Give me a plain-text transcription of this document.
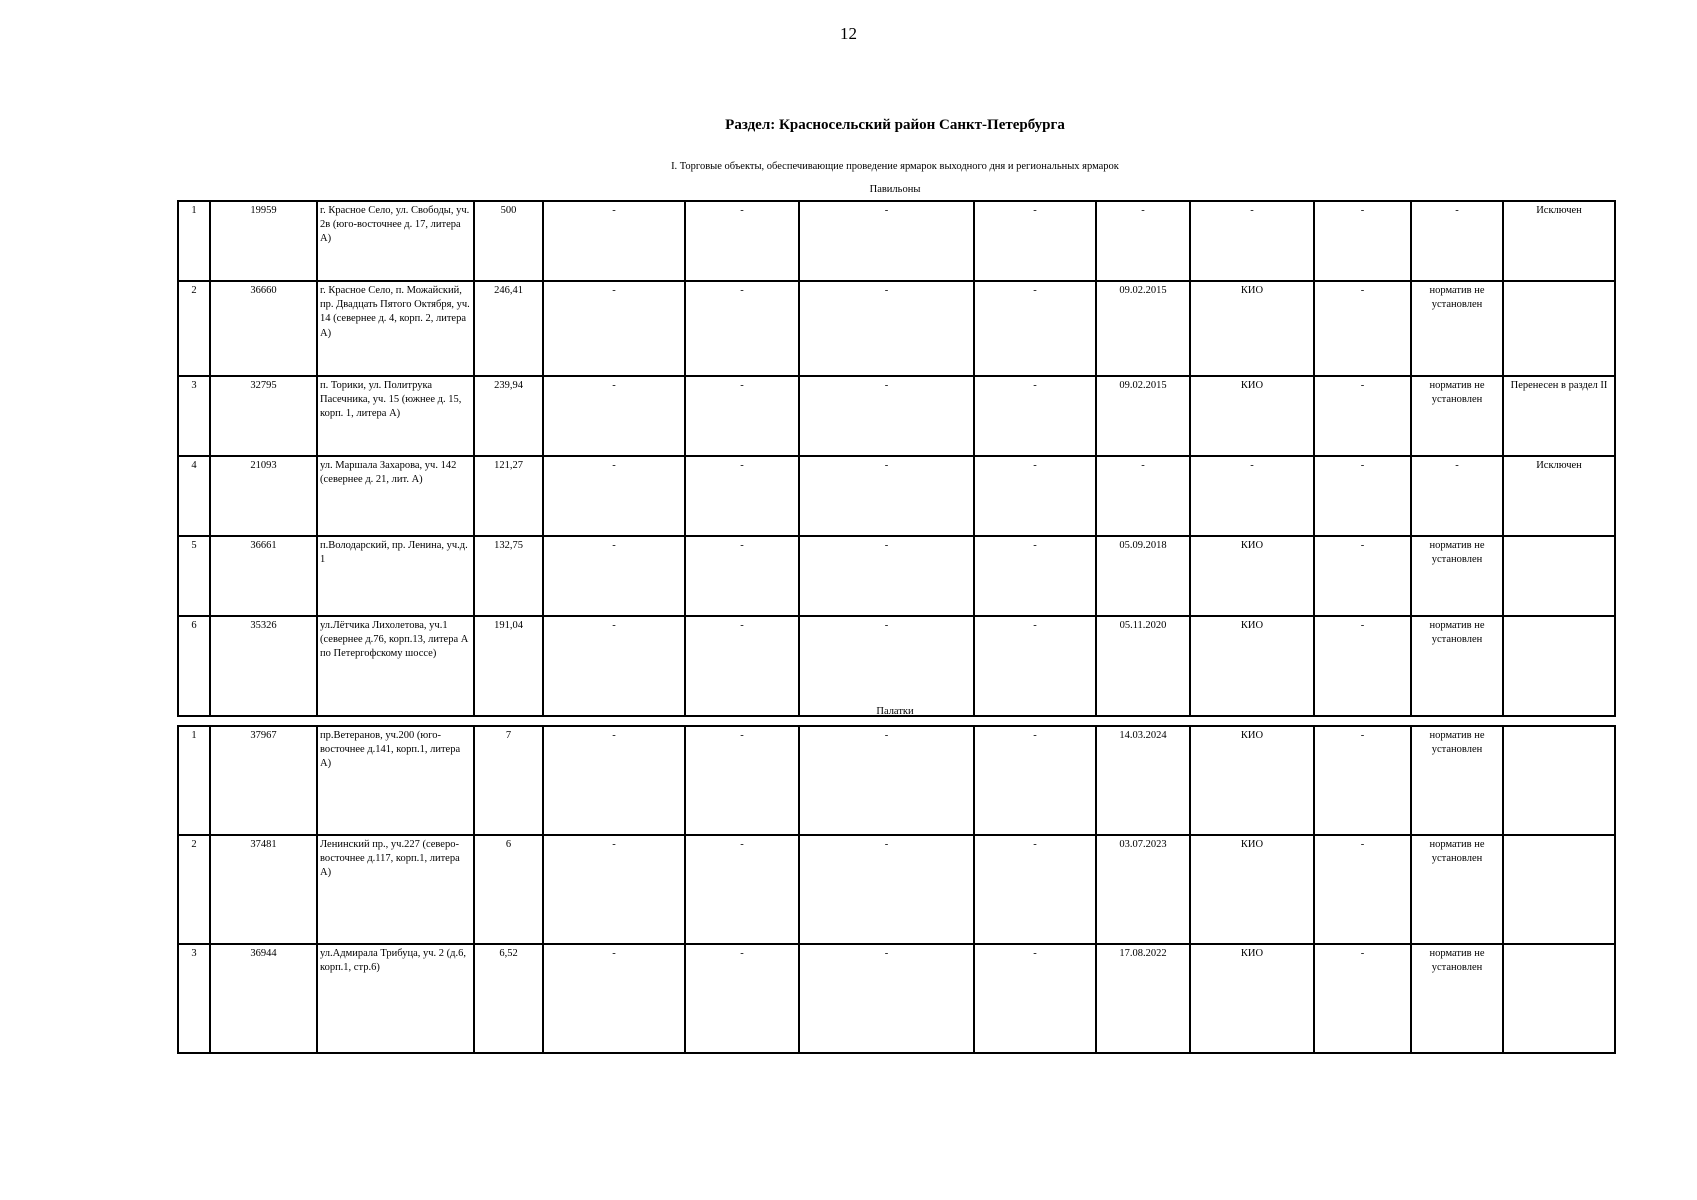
12
Раздел: Красносельский район Санкт-Петербурга
I. Торговые объекты, обеспечивающие проведение ярмарок выходного дня и региональных ярмарок
Павильоны
1	19959	г. Красное Село, ул. Свободы, уч. 2в (юго-восточнее д. 17, литера А)	500	-	-	-	-	-	-	-	-	Исключен
2	36660	г. Красное Село, п. Можайский, пр. Двадцать Пятого Октября, уч. 14 (севернее д. 4, корп. 2, литера А)	246,41	-	-	-	-	09.02.2015	КИО	-	норматив не установлен	
3	32795	п. Торики, ул. Политрука Пасечника, уч. 15 (южнее д. 15, корп. 1, литера А)	239,94	-	-	-	-	09.02.2015	КИО	-	норматив не установлен	Перенесен в раздел II
4	21093	ул. Маршала Захарова, уч. 142 (севернее д. 21, лит. А)	121,27	-	-	-	-	-	-	-	-	Исключен
5	36661	п.Володарский, пр. Ленина, уч.д. 1	132,75	-	-	-	-	05.09.2018	КИО	-	норматив не установлен	
6	35326	ул.Лётчика Лихолетова, уч.1 (севернее д.76, корп.13, литера А по Петергофскому шоссе)	191,04	-	-	-	-	05.11.2020	КИО	-	норматив не установлен	
Палатки
1	37967	пр.Ветеранов, уч.200 (юго-восточнее д.141, корп.1, литера А)	7	-	-	-	-	14.03.2024	КИО	-	норматив не установлен	
2	37481	Ленинский пр., уч.227 (северо-восточнее д.117, корп.1, литера А)	6	-	-	-	-	03.07.2023	КИО	-	норматив не установлен	
3	36944	ул.Адмирала Трибуца, уч. 2 (д.6, корп.1, стр.6)	6,52	-	-	-	-	17.08.2022	КИО	-	норматив не установлен	
